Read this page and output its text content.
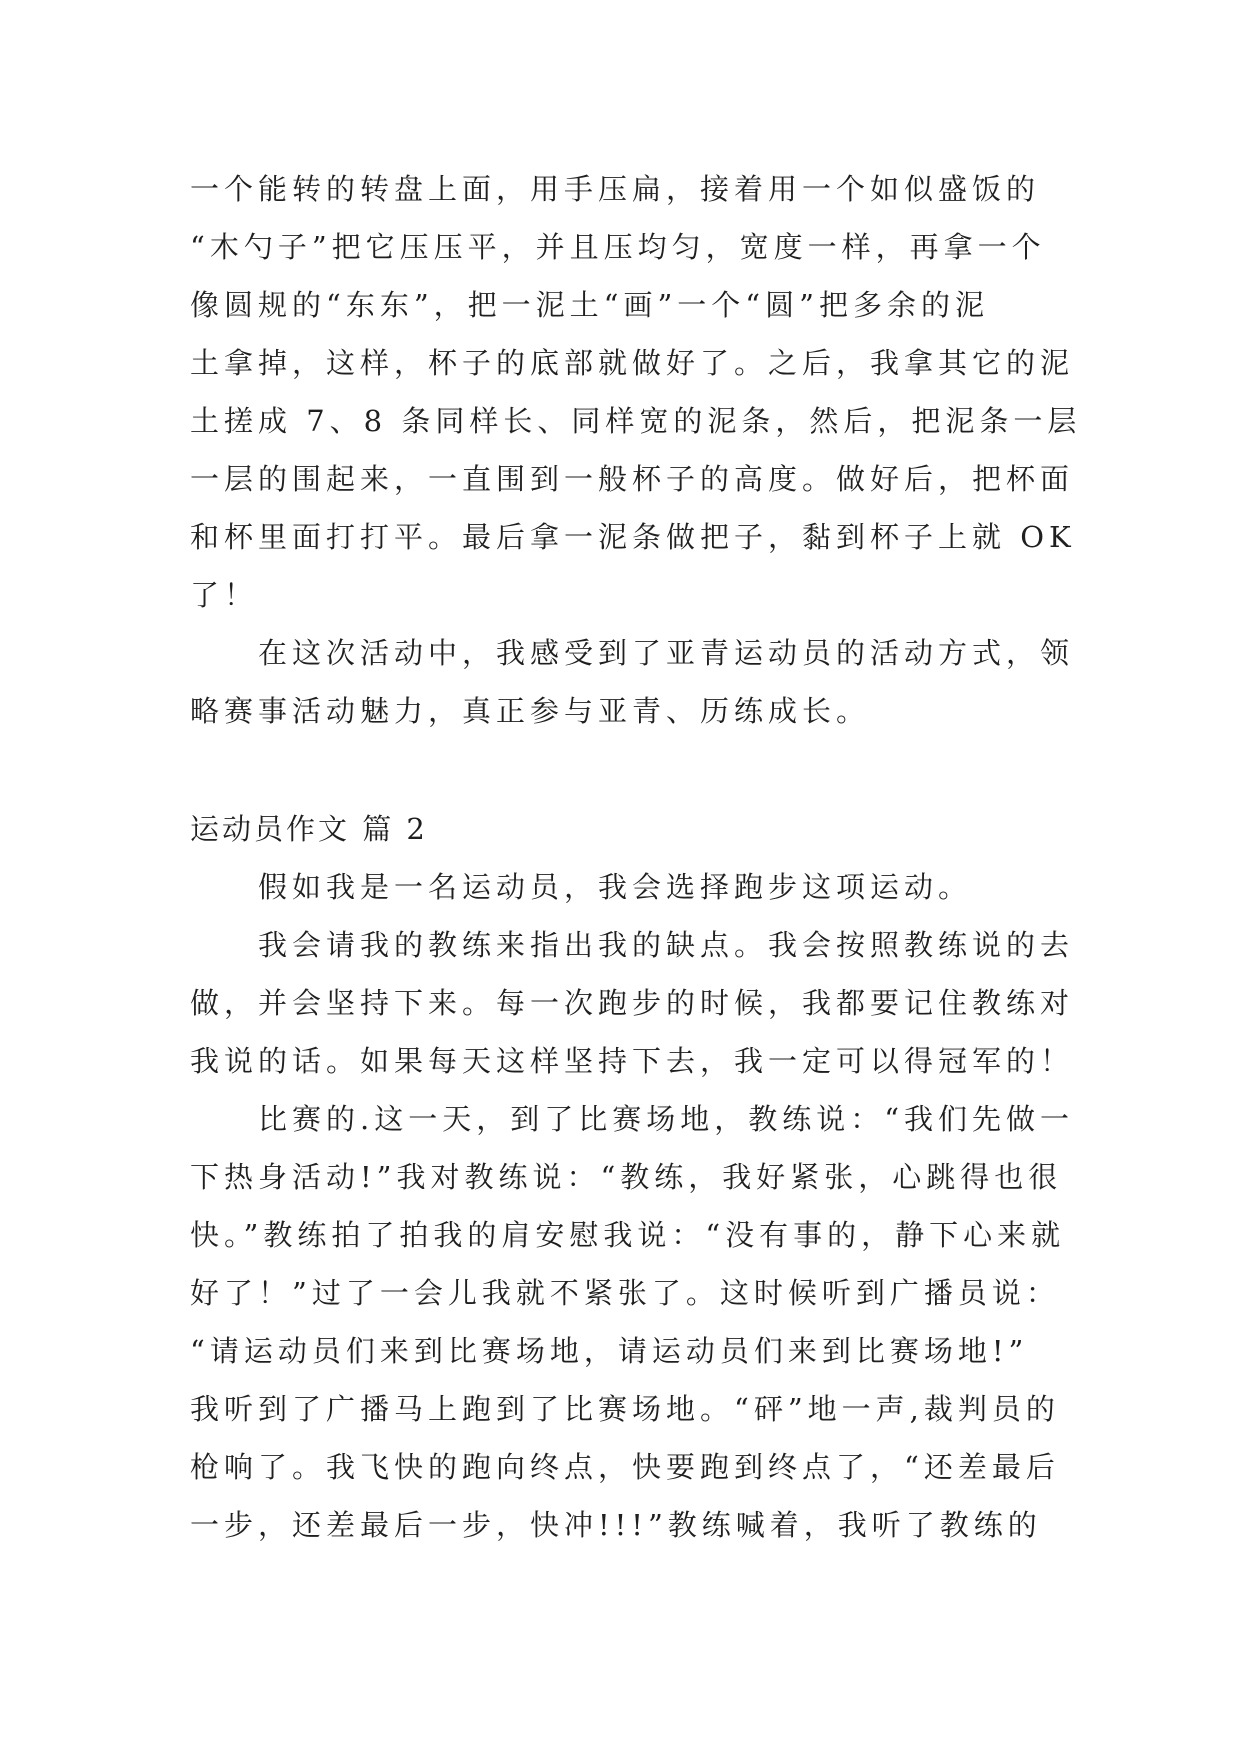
一个能转的转盘上面，用手压扁，接着用一个如似盛饭的
“木勺子”把它压压平，并且压均匀，宽度一样，再拿一个
像圆规的“东东”，把一泥土“画”一个“圆”把多余的泥
土拿掉，这样，杯子的底部就做好了。之后，我拿其它的泥
土搓成 7、8 条同样长、同样宽的泥条，然后，把泥条一层
一层的围起来，一直围到一般杯子的高度。做好后，把杯面
和杯里面打打平。最后拿一泥条做把子，黏到杯子上就 OK
了！
在这次活动中，我感受到了亚青运动员的活动方式，领
略赛事活动魅力，真正参与亚青、历练成长。
运动员作文 篇 2
假如我是一名运动员，我会选择跑步这项运动。
我会请我的教练来指出我的缺点。我会按照教练说的去
做，并会坚持下来。每一次跑步的时候，我都要记住教练对
我说的话。如果每天这样坚持下去，我一定可以得冠军的！
比赛的.这一天，到了比赛场地，教练说：“我们先做一
下热身活动!”我对教练说：“教练，我好紧张，心跳得也很
快。”教练拍了拍我的肩安慰我说：“没有事的，静下心来就
好了！”过了一会儿我就不紧张了。这时候听到广播员说：
“请运动员们来到比赛场地，请运动员们来到比赛场地!”
我听到了广播马上跑到了比赛场地。“砰”地一声,裁判员的
枪响了。我飞快的跑向终点，快要跑到终点了，“还差最后
一步，还差最后一步，快冲!!!”教练喊着，我听了教练的
